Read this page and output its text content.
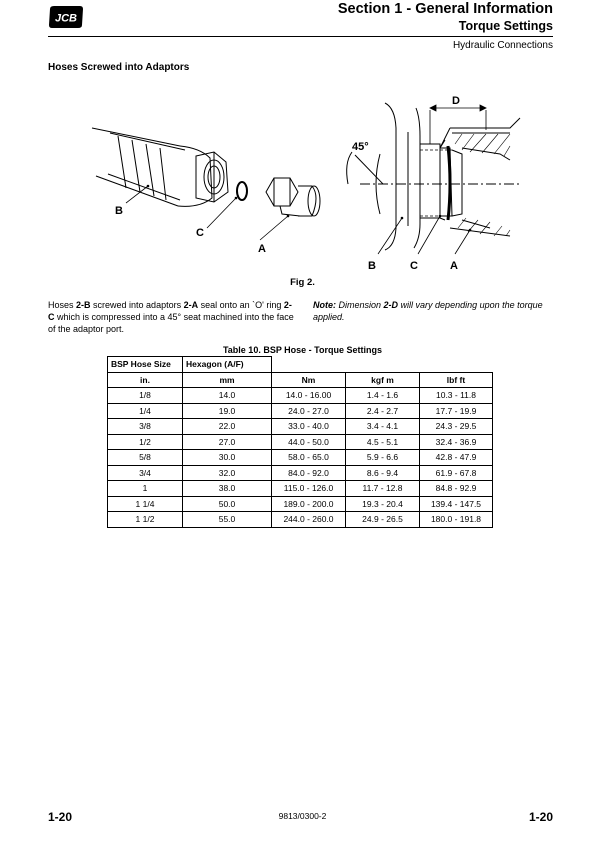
JCB
Section 1 - General Information
Torque Settings
Hydraulic Connections
Hoses Screwed into Adaptors
B
C
A
D
45°
B	C	A
Fig 2.
Hoses 2-B screwed into adaptors 2-A seal onto an `O' ring 2-C which is compressed into a 45° seat machined into the face of the adaptor port.
Note: Dimension 2-D will vary depending upon the torque applied.
Table 10. BSP Hose - Torque Settings
BSP Hose Size	Hexagon (A/F)			
in.	mm	Nm	kgf m	lbf ft
1/8	14.0	14.0 - 16.00	1.4 - 1.6	10.3 - 11.8
1/4	19.0	24.0 - 27.0	2.4 - 2.7	17.7 - 19.9
3/8	22.0	33.0 - 40.0	3.4 - 4.1	24.3 - 29.5
1/2	27.0	44.0 - 50.0	4.5 - 5.1	32.4 - 36.9
5/8	30.0	58.0 - 65.0	5.9 - 6.6	42.8 - 47.9
3/4	32.0	84.0 - 92.0	8.6 - 9.4	61.9 - 67.8
1	38.0	115.0 - 126.0	11.7 - 12.8	84.8 - 92.9
1 1/4	50.0	189.0 - 200.0	19.3 - 20.4	139.4 - 147.5
1 1/2	55.0	244.0 - 260.0	24.9 - 26.5	180.0 - 191.8
1-20	9813/0300-2	1-20
